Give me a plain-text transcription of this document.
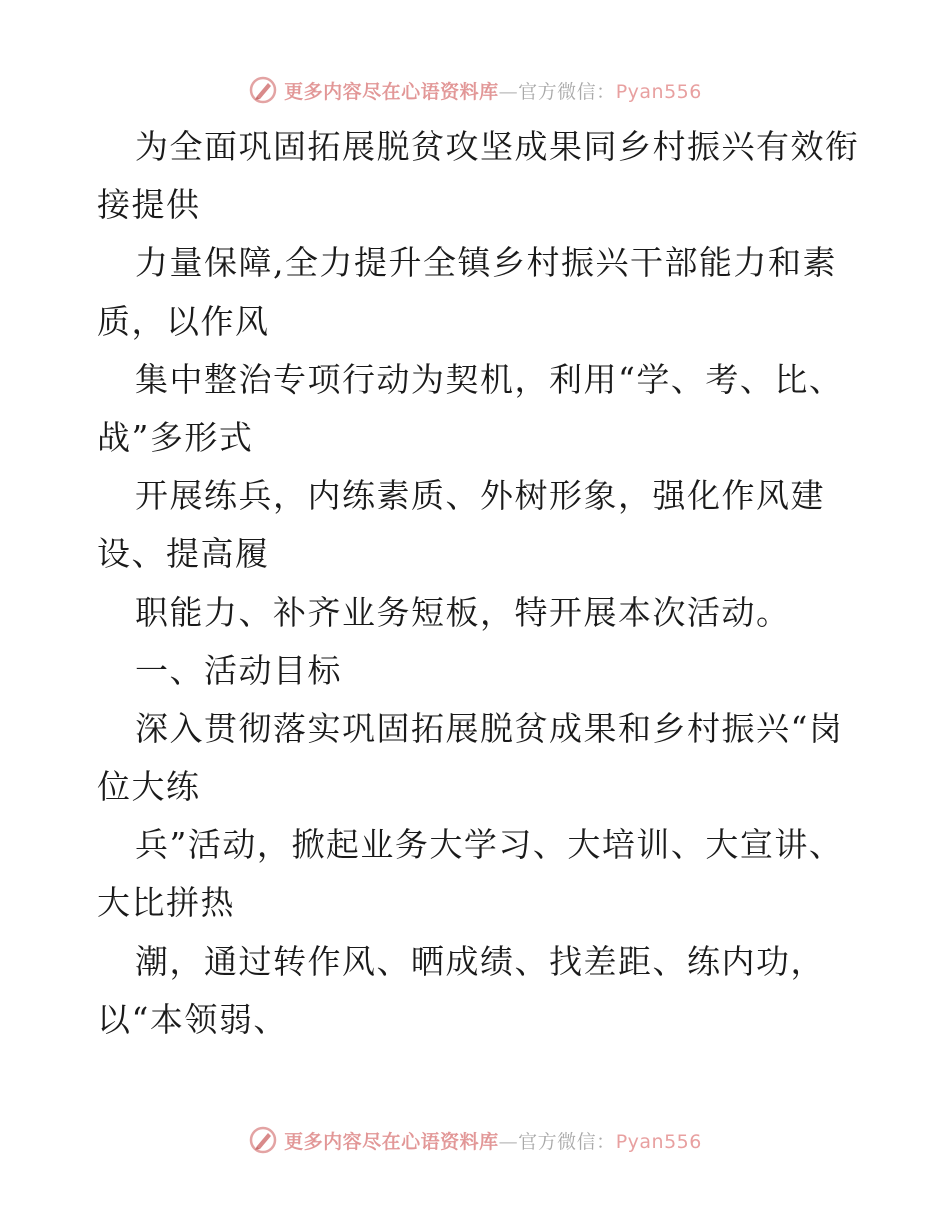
更多内容尽在心语资料库—官方微信：Pyan556
为全面巩固拓展脱贫攻坚成果同乡村振兴有效衔
接提供
力量保障,全力提升全镇乡村振兴干部能力和素
质，以作风
集中整治专项行动为契机，利用“学、考、比、
战”多形式
开展练兵，内练素质、外树形象，强化作风建
设、提高履
职能力、补齐业务短板，特开展本次活动。
一、活动目标
深入贯彻落实巩固拓展脱贫成果和乡村振兴“岗
位大练
兵”活动，掀起业务大学习、大培训、大宣讲、
大比拼热
潮，通过转作风、晒成绩、找差距、练内功，
以“本领弱、
更多内容尽在心语资料库—官方微信：Pyan556
